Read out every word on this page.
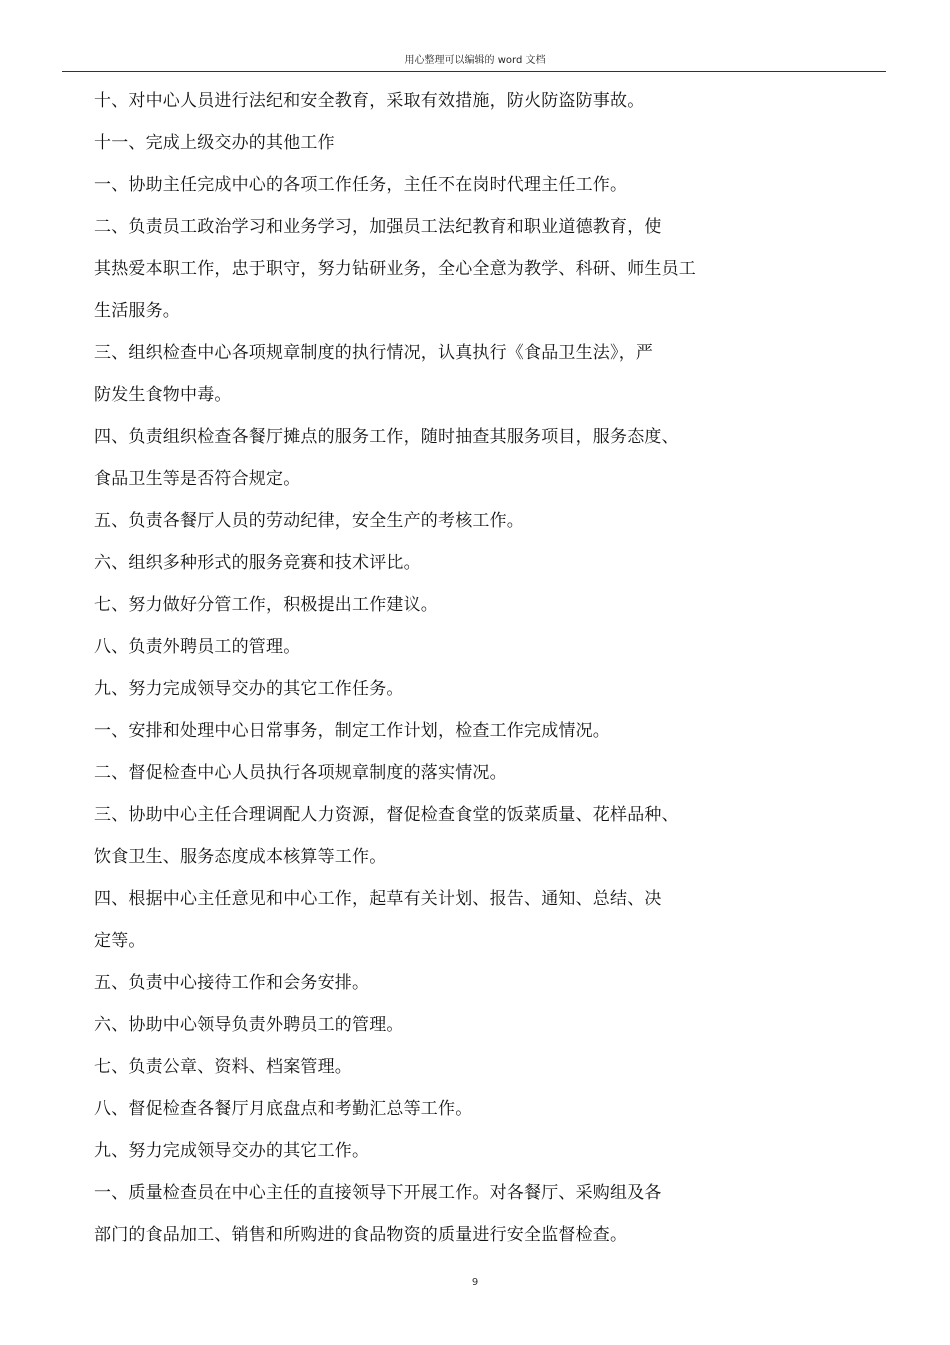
用心整理可以编辑的 word 文档
十、对中心人员进行法纪和安全教育，采取有效措施，防火防盗防事故。
十一、完成上级交办的其他工作
一、协助主任完成中心的各项工作任务，主任不在岗时代理主任工作。
二、负责员工政治学习和业务学习，加强员工法纪教育和职业道德教育，使
其热爱本职工作，忠于职守，努力钻研业务，全心全意为教学、科研、师生员工
生活服务。
三、组织检查中心各项规章制度的执行情况，认真执行《食品卫生法》，严
防发生食物中毒。
四、负责组织检查各餐厅摊点的服务工作，随时抽查其服务项目，服务态度、
食品卫生等是否符合规定。
五、负责各餐厅人员的劳动纪律，安全生产的考核工作。
六、组织多种形式的服务竞赛和技术评比。
七、努力做好分管工作，积极提出工作建议。
八、负责外聘员工的管理。
九、努力完成领导交办的其它工作任务。
一、安排和处理中心日常事务，制定工作计划，检查工作完成情况。
二、督促检查中心人员执行各项规章制度的落实情况。
三、协助中心主任合理调配人力资源，督促检查食堂的饭菜质量、花样品种、
饮食卫生、服务态度成本核算等工作。
四、根据中心主任意见和中心工作，起草有关计划、报告、通知、总结、决
定等。
五、负责中心接待工作和会务安排。
六、协助中心领导负责外聘员工的管理。
七、负责公章、资料、档案管理。
八、督促检查各餐厅月底盘点和考勤汇总等工作。
九、努力完成领导交办的其它工作。
一、质量检查员在中心主任的直接领导下开展工作。对各餐厅、采购组及各
部门的食品加工、销售和所购进的食品物资的质量进行安全监督检查。
9
